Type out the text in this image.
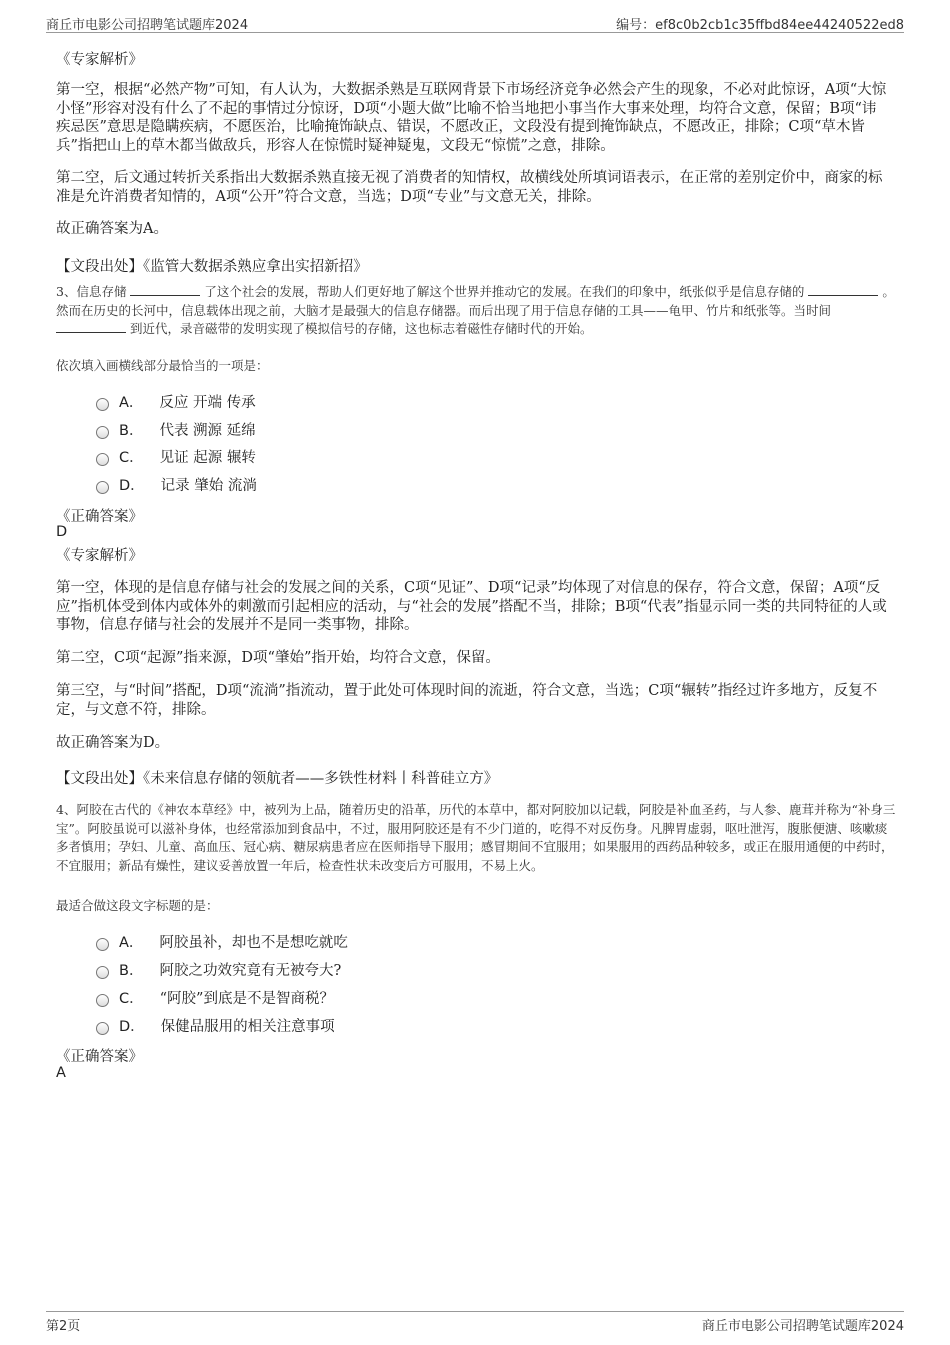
商丘市电影公司招聘笔试题库2024	编号：ef8c0b2cb1c35ffbd84ee44240522ed8
《专家解析》
第一空，根据“必然产物”可知，有人认为，大数据杀熟是互联网背景下市场经济竞争必然会产生的现象，不必对此惊讶，A项“大惊小怪”形容对没有什么了不起的事情过分惊讶，D项“小题大做”比喻不恰当地把小事当作大事来处理，均符合文意，保留；B项“讳疾忌医”意思是隐瞒疾病，不愿医治，比喻掩饰缺点、错误，不愿改正，文段没有提到掩饰缺点，不愿改正，排除；C项“草木皆兵”指把山上的草木都当做敌兵，形容人在惊慌时疑神疑鬼，文段无“惊慌”之意，排除。
第二空，后文通过转折关系指出大数据杀熟直接无视了消费者的知情权，故横线处所填词语表示，在正常的差别定价中，商家的标准是允许消费者知情的，A项“公开”符合文意，当选；D项“专业”与文意无关，排除。
故正确答案为A。
【文段出处】《监管大数据杀熟应拿出实招新招》
3、信息存储	了这个社会的发展，帮助人们更好地了解这个世界并推动它的发展。在我们的印象中，纸张似乎是信息存储的	。然而在历史的长河中，信息载体出现之前，大脑才是最强大的信息存储器。而后出现了用于信息存储的工具——龟甲、竹片和纸张等。当时间  到近代，录音磁带的发明实现了模拟信号的存储，这也标志着磁性存储时代的开始。
依次填入画横线部分最恰当的一项是：
A． 反应 开端 传承
B． 代表 溯源 延绵
C． 见证 起源 辗转
D． 记录 肇始 流淌
《正确答案》
D
《专家解析》
第一空，体现的是信息存储与社会的发展之间的关系，C项“见证”、D项“记录”均体现了对信息的保存，符合文意，保留；A项“反应”指机体受到体内或体外的刺激而引起相应的活动，与“社会的发展”搭配不当，排除；B项“代表”指显示同一类的共同特征的人或事物，信息存储与社会的发展并不是同一类事物，排除。
第二空，C项“起源”指来源，D项“肇始”指开始，均符合文意，保留。
第三空，与“时间”搭配，D项“流淌”指流动，置于此处可体现时间的流逝，符合文意，当选；C项“辗转”指经过许多地方，反复不定，与文意不符，排除。
故正确答案为D。
【文段出处】《未来信息存储的领航者——多铁性材料丨科普硅立方》
4、阿胶在古代的《神农本草经》中，被列为上品，随着历史的沿革，历代的本草中，都对阿胶加以记载，阿胶是补血圣药，与人参、鹿茸并称为“补身三宝”。阿胶虽说可以滋补身体，也经常添加到食品中，不过，服用阿胶还是有不少门道的，吃得不对反伤身。凡脾胃虚弱，呕吐泄泻，腹胀便溏、咳嗽痰多者慎用；孕妇、儿童、高血压、冠心病、糖尿病患者应在医师指导下服用；感冒期间不宜服用；如果服用的西药品种较多，或正在服用通便的中药时，不宜服用；新品有燥性，建议妥善放置一年后，检查性状未改变后方可服用，不易上火。
最适合做这段文字标题的是：
A． 阿胶虽补，却也不是想吃就吃
B． 阿胶之功效究竟有无被夸大?
C． “阿胶”到底是不是智商税？
D． 保健品服用的相关注意事项
《正确答案》
A
第2页	商丘市电影公司招聘笔试题库2024
